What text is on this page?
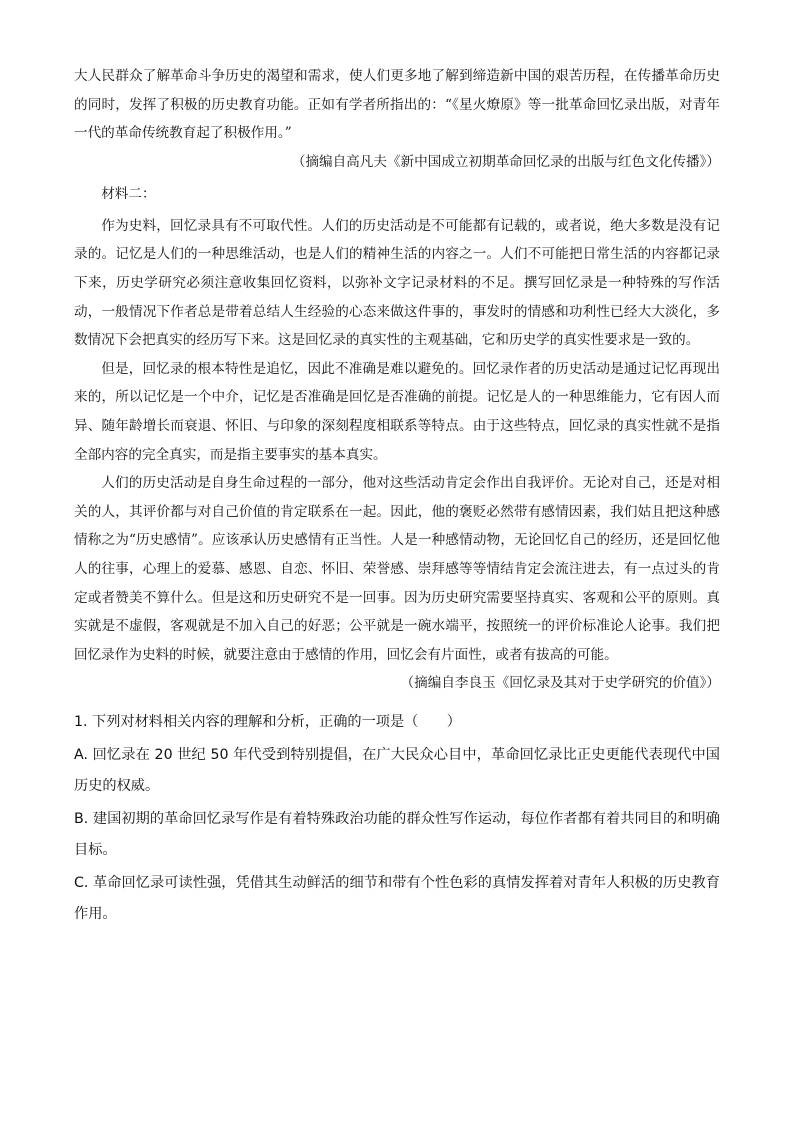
大人民群众了解革命斗争历史的渴望和需求，使人们更多地了解到缔造新中国的艰苦历程，在传播革命历史的同时，发挥了积极的历史教育功能。正如有学者所指出的：“《星火燎原》等一批革命回忆录出版，对青年一代的革命传统教育起了积极作用。”

（摘编自高凡夫《新中国成立初期革命回忆录的出版与红色文化传播》）

材料二：

作为史料，回忆录具有不可取代性。人们的历史活动是不可能都有记载的，或者说，绝大多数是没有记录的。记忆是人们的一种思维活动，也是人们的精神生活的内容之一。人们不可能把日常生活的内容都记录下来，历史学研究必须注意收集回忆资料，以弥补文字记录材料的不足。撰写回忆录是一种特殊的写作活动，一般情况下作者总是带着总结人生经验的心态来做这件事的，事发时的情感和功利性已经大大淡化，多数情况下会把真实的经历写下来。这是回忆录的真实性的主观基础，它和历史学的真实性要求是一致的。

但是，回忆录的根本特性是追忆，因此不准确是难以避免的。回忆录作者的历史活动是通过记忆再现出来的，所以记忆是一个中介，记忆是否准确是回忆是否准确的前提。记忆是人的一种思维能力，它有因人而异、随年龄增长而衰退、怀旧、与印象的深刻程度相联系等特点。由于这些特点，回忆录的真实性就不是指全部内容的完全真实，而是指主要事实的基本真实。

人们的历史活动是自身生命过程的一部分，他对这些活动肯定会作出自我评价。无论对自己，还是对相关的人，其评价都与对自己价值的肯定联系在一起。因此，他的褒贬必然带有感情因素，我们姑且把这种感情称之为“历史感情”。应该承认历史感情有正当性。人是一种感情动物，无论回忆自己的经历，还是回忆他人的往事，心理上的爱慕、感恩、自恋、怀旧、荣誉感、崇拜感等等情结肯定会流注进去，有一点过头的肯定或者赞美不算什么。但是这和历史研究不是一回事。因为历史研究需要坚持真实、客观和公平的原则。真实就是不虚假，客观就是不加入自己的好恶；公平就是一碗水端平，按照统一的评价标准论人论事。我们把回忆录作为史料的时候，就要注意由于感情的作用，回忆会有片面性，或者有拔高的可能。

（摘编自李良玉《回忆录及其对于史学研究的价值》）

1. 下列对材料相关内容的理解和分析，正确的一项是（　　）

A. 回忆录在 20 世纪 50 年代受到特别提倡，在广大民众心目中，革命回忆录比正史更能代表现代中国历史的权威。

B. 建国初期的革命回忆录写作是有着特殊政治功能的群众性写作运动，每位作者都有着共同目的和明确目标。

C. 革命回忆录可读性强，凭借其生动鲜活的细节和带有个性色彩的真情发挥着对青年人积极的历史教育作用。
